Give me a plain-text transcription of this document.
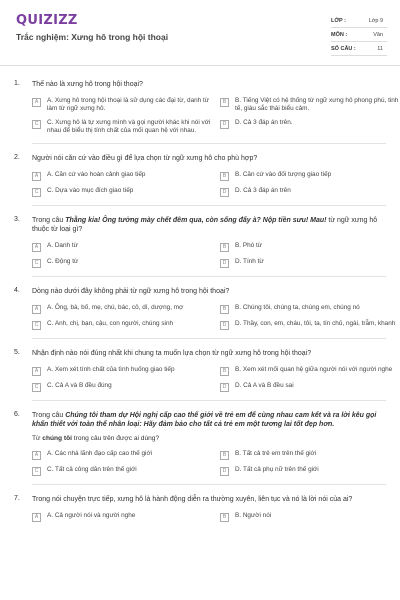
QUIZIZZ
Trắc nghiệm: Xưng hô trong hội thoại
LỚP :	Lớp 9
MÔN :	Văn
SỐ CÂU :	11
1. Thế nào là xưng hô trong hội thoại?
A	A. Xưng hô trong hội thoại là sử dụng các đại từ, danh từ làm từ ngữ xưng hô.
B	B. Tiếng Việt có hệ thống từ ngữ xưng hô phong phú, tinh tế, giàu sắc thái biểu cảm.
C	C. Xưng hô là tự xưng mình và gọi người khác khi nói với nhau để biểu thị tính chất của mối quan hệ với nhau.
D	D. Cả 3 đáp án trên.
2. Người nói căn cứ vào điều gì để lựa chọn từ ngữ xưng hô cho phù hợp?
A	A. Căn cứ vào hoàn cảnh giao tiếp	B	B. Căn cứ vào đối tượng giao tiếp
C	C. Dựa vào mục đích giao tiếp	D	D. Cả 3 đáp án trên
3. Trong câu Thằng kia! Ông tưởng mày chết đêm qua, còn sống đấy à? Nộp tiền sưu! Mau! từ ngữ xưng hô thuộc từ loại gì?
A	A. Danh từ	B	B. Phó từ
C	C. Động từ	D	D. Tính từ
4. Dòng nào dưới đây không phải từ ngữ xưng hô trong hội thoại?
A	A. Ông, bà, bố, mẹ, chú, bác, cô, dì, dượng, mợ	B	B. Chúng tôi, chúng ta, chúng em, chúng nó
C	C. Anh, chị, bạn, cậu, con người, chúng sinh	D	D. Thầy, con, em, cháu, tôi, ta, tín chủ, ngài, trẫm, khanh
5. Nhận định nào nói đúng nhất khi chung ta muốn lựa chọn từ ngữ xưng hô trong hội thoại?
A	A. Xem xét tính chất của tình huống giao tiếp	B	B. Xem xét mối quan hệ giữa người nói với người nghe
C	C. Cả A và B đều đúng	D	D. Cả A và B đều sai
6. Trong câu Chúng tôi tham dự Hội nghị cấp cao thế giới về trẻ em để cùng nhau cam kết và ra lời kêu gọi khẩn thiết với toàn thể nhân loại: Hãy đảm bảo cho tất cả trẻ em một tương lai tốt đẹp hơn.
Từ chúng tôi trong câu trên được ai dùng?
A	A. Các nhà lãnh đạo cấp cao thế giới	B	B. Tất cả trẻ em trên thế giới
C	C. Tất cả công dân trên thế giới	D	D. Tất cả phụ nữ trên thế giới
7. Trong nói chuyện trực tiếp, xưng hô là hành động diễn ra thường xuyên, liên tục và nó là lời nói của ai?
A	A. Cả người nói và người nghe	B	B. Người nói
